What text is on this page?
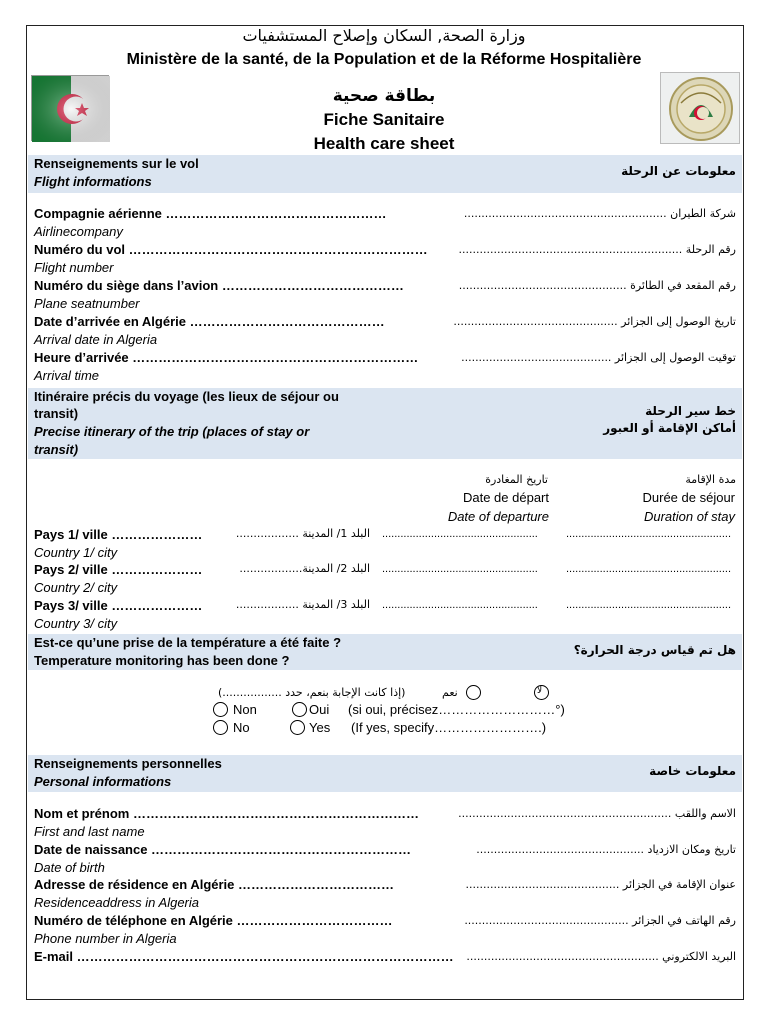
وزارة الصحة, السكان وإصلاح المستشفيات
Ministère de la santé, de la Population et de la Réforme Hospitalière
بطاقة صحية
Fiche Sanitaire
Health care sheet
Renseignements sur le vol
Flight informations
معلومات عن الرحلة
Compagnie aérienne ……………………………………………
Airlinecompany
شركة الطيران ..........................................................
Numéro du vol ……………………………………………………………
Flight number
رقم الرحلة ................................................................
Numéro du siège dans l’avion ……………………………………
Plane seatnumber
رقم المقعد في الطائرة ................................................
Date d’arrivée en Algérie ………………………………………
Arrival date in Algeria
تاريخ الوصول إلى الجزائر ...............................................
Heure d’arrivée …………………………………………………………
Arrival time
توقيت الوصول إلى الجزائر ...........................................
Itinéraire précis du voyage (les lieux de séjour ou
transit)
Precise itinerary of the trip (places of stay or
transit)
خط سير الرحلة
أماكن الإقامة أو العبور
تاريخ المغادرة
Date de départ
Date of departure
مدة الإقامة
Durée de séjour
Duration of stay
Pays 1/ ville …………………
Country 1/ city
البلد 1/ المدينة .................. ...................................................	......................................................
Pays 2/ ville …………………
Country 2/ city
البلد 2/ المدينة.................. ...................................................	......................................................
Pays 3/ ville …………………
Country 3/ city
البلد 3/ المدينة .................. ...................................................	......................................................
Est-ce qu’une prise de la température a été faite ?
Temperature monitoring has been done ?
هل تم قياس درجة الحرارة؟
(إذا كانت الإجابة بنعم، حدد .................)	نعم	لا
Non	Oui (si oui, précisez………………………°)
No	Yes (If yes, specify…………………….)
Renseignements personnelles
Personal informations
معلومات خاصة
Nom et prénom …………………………………………………………
First and last name
الاسم واللقب .............................................................
Date de naissance ……………………………………………………
Date of birth
تاريخ ومكان الازدياد ................................................
Adresse de résidence en Algérie ………………………………
Residenceaddress in Algeria
عنوان الإقامة في الجزائر ............................................
Numéro de téléphone en Algérie ………………………………
Phone number in Algeria
رقم الهاتف في الجزائر ...............................................
E-mail ……………………………………………………………………………	البريد الالكتروني .......................................................
